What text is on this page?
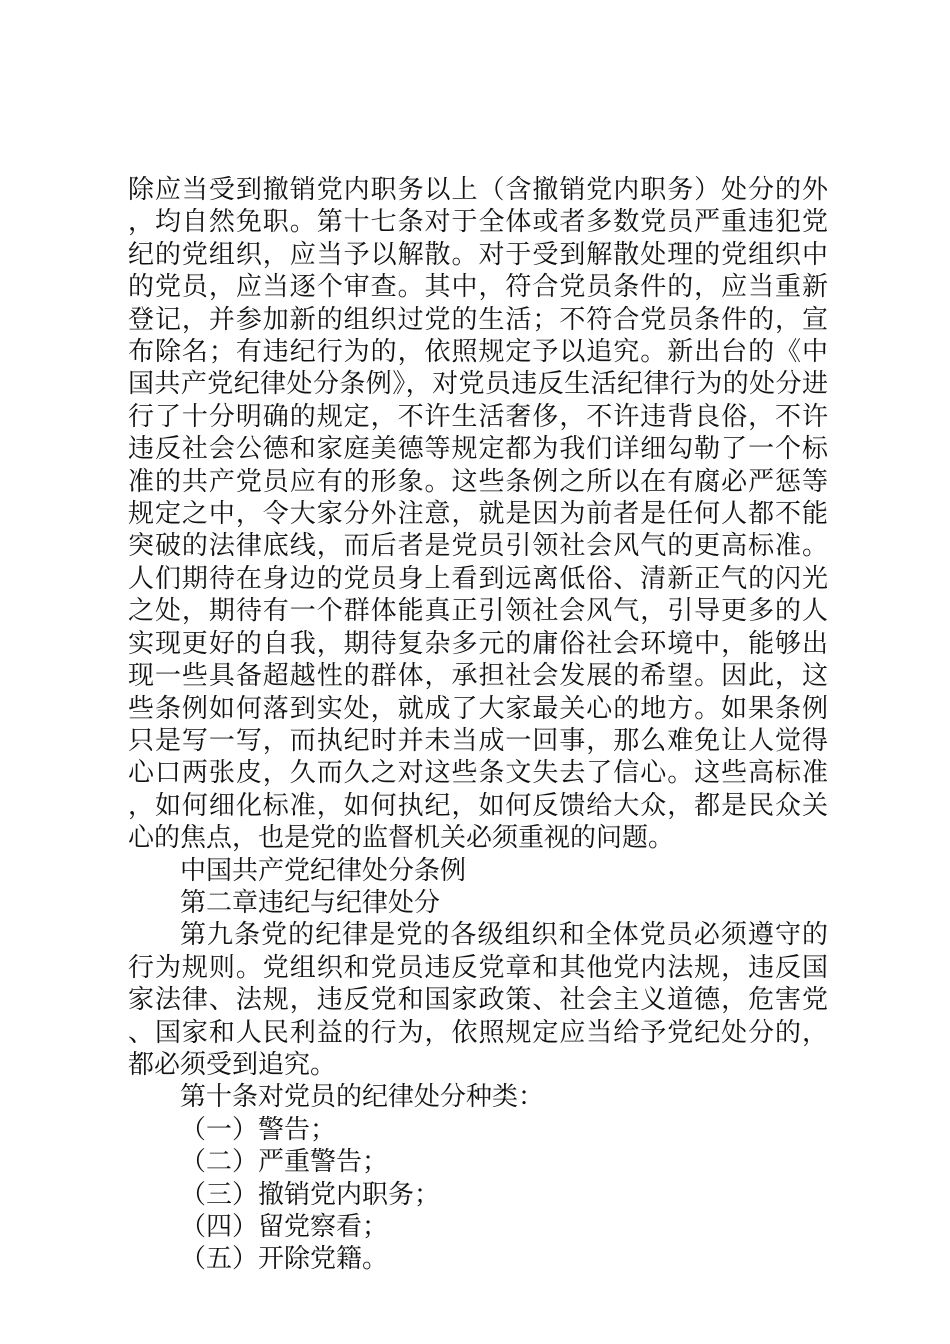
除应当受到撤销党内职务以上（含撤销党内职务）处分的外，均自然免职。第十七条对于全体或者多数党员严重违犯党纪的党组织，应当予以解散。对于受到解散处理的党组织中的党员，应当逐个审查。其中，符合党员条件的，应当重新登记，并参加新的组织过党的生活；不符合党员条件的，宣布除名；有违纪行为的，依照规定予以追究。新出台的《中国共产党纪律处分条例》，对党员违反生活纪律行为的处分进行了十分明确的规定，不许生活奢侈，不许违背良俗，不许违反社会公德和家庭美德等规定都为我们详细勾勒了一个标准的共产党员应有的形象。这些条例之所以在有腐必严惩等规定之中，令大家分外注意，就是因为前者是任何人都不能突破的法律底线，而后者是党员引领社会风气的更高标准。人们期待在身边的党员身上看到远离低俗、清新正气的闪光之处，期待有一个群体能真正引领社会风气，引导更多的人实现更好的自我，期待复杂多元的庸俗社会环境中，能够出现一些具备超越性的群体，承担社会发展的希望。因此，这些条例如何落到实处，就成了大家最关心的地方。如果条例只是写一写，而执纪时并未当成一回事，那么难免让人觉得心口两张皮，久而久之对这些条文失去了信心。这些高标准，如何细化标准，如何执纪，如何反馈给大众，都是民众关心的焦点，也是党的监督机关必须重视的问题。

中国共产党纪律处分条例

第二章违纪与纪律处分

第九条党的纪律是党的各级组织和全体党员必须遵守的行为规则。党组织和党员违反党章和其他党内法规，违反国家法律、法规，违反党和国家政策、社会主义道德，危害党、国家和人民利益的行为，依照规定应当给予党纪处分的，都必须受到追究。

第十条对党员的纪律处分种类：

（一）警告；

（二）严重警告；

（三）撤销党内职务；

（四）留党察看；

（五）开除党籍。
